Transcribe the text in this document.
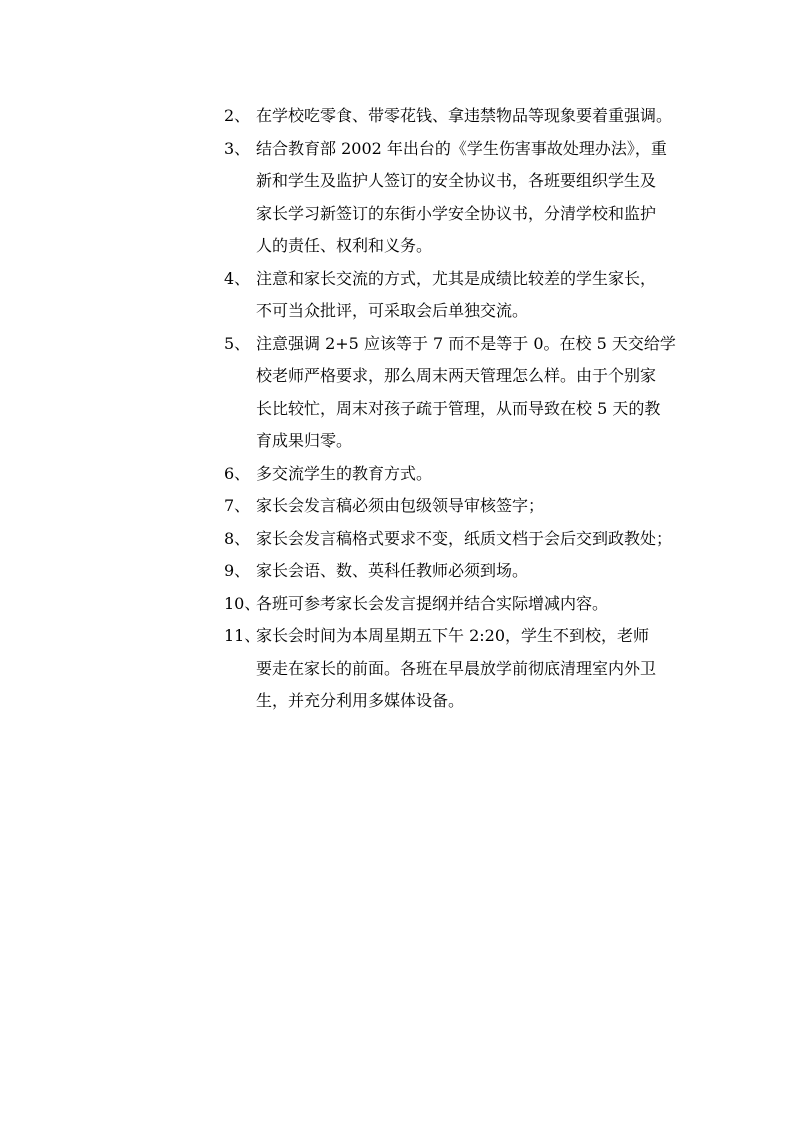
2、 在学校吃零食、带零花钱、拿违禁物品等现象要着重强调。
3、 结合教育部 2002 年出台的《学生伤害事故处理办法》，重
新和学生及监护人签订的安全协议书，各班要组织学生及
家长学习新签订的东街小学安全协议书，分清学校和监护
人的责任、权利和义务。
4、 注意和家长交流的方式，尤其是成绩比较差的学生家长，
不可当众批评，可采取会后单独交流。
5、 注意强调 2+5 应该等于 7 而不是等于 0。在校 5 天交给学
校老师严格要求，那么周末两天管理怎么样。由于个别家
长比较忙，周末对孩子疏于管理，从而导致在校 5 天的教
育成果归零。
6、 多交流学生的教育方式。
7、 家长会发言稿必须由包级领导审核签字；
8、 家长会发言稿格式要求不变，纸质文档于会后交到政教处；
9、 家长会语、数、英科任教师必须到场。
10、
各班可参考家长会发言提纲并结合实际增减内容。
11、
家长会时间为本周星期五下午 2:20，学生不到校，老师
要走在家长的前面。各班在早晨放学前彻底清理室内外卫
生，并充分利用多媒体设备。
